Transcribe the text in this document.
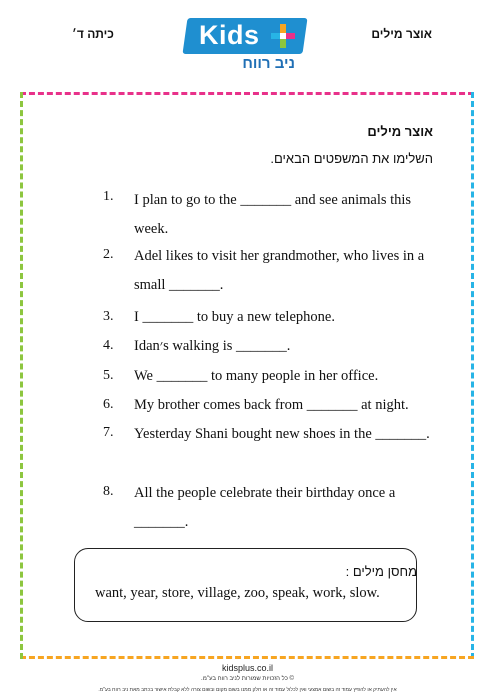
אוצר מילים
כיתה ד׳	Kids
ניב רווח
אוצר מילים
השלימו את המשפטים הבאים.
1. I plan to go to the _______ and see animals this week.
2. Adel likes to visit her grandmother, who lives in a small _______.
3. I _______ to buy a new telephone.
4. Idan׳s walking is _______.
5. We _______ to many people in her office.
6. My brother comes back from _______ at night.
7. Yesterday Shani bought new shoes in the _______.
8. All the people celebrate their birthday once a _______.
מחסן מילים :
want, year, store, village, zoo, speak, work, slow.
kidsplus.co.il
© כל הזכויות שמורות לניב רווח בע"מ.
אין להעתיק או להפיץ עמוד זה בשום אמצעי ואין לכלול עמוד זה או חלק ממנו בשום מקום ובשום צורה ללא קבלת אישור בכתב מאת ניב רווח בע"מ.
